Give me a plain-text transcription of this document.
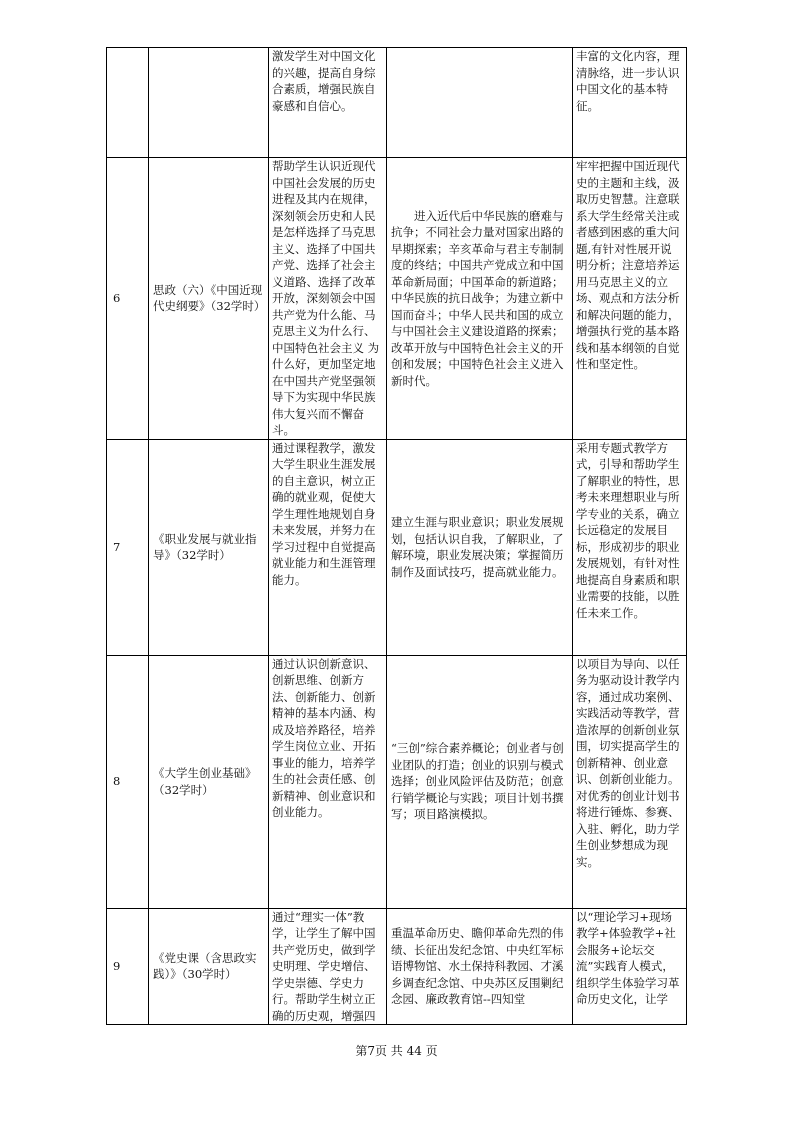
		激发学生对中国文化的兴趣，提高自身综合素质，增强民族自豪感和自信心。		丰富的文化内容，理清脉络，进一步认识中国文化的基本特征。
6	思政（六）《中国近现代史纲要》（32学时）	帮助学生认识近现代中国社会发展的历史进程及其内在规律，深刻领会历史和人民是怎样选择了马克思主义、选择了中国共产党、选择了社会主义道路、选择了改革开放，深刻领会中国共产党为什么能、马克思主义为什么行、中国特色社会主义 为什么好，更加坚定地在中国共产党坚强领导下为实现中华民族伟大复兴而不懈奋斗。	进入近代后中华民族的磨难与抗争；不同社会力量对国家出路的早期探索；辛亥革命与君主专制制度的终结；中国共产党成立和中国革命新局面；中国革命的新道路；中华民族的抗日战争；为建立新中国而奋斗；中华人民共和国的成立与中国社会主义建设道路的探索；改革开放与中国特色社会主义的开创和发展；中国特色社会主义进入新时代。	牢牢把握中国近现代史的主题和主线，汲取历史智慧。注意联系大学生经常关注或者感到困惑的重大问题,有针对性展开说明分析；注意培养运用马克思主义的立场、观点和方法分析和解决问题的能力，增强执行党的基本路线和基本纲领的自觉性和坚定性。
7	《职业发展与就业指导》（32学时）	通过课程教学，激发大学生职业生涯发展的自主意识，树立正确的就业观，促使大学生理性地规划自身未来发展，并努力在学习过程中自觉提高就业能力和生涯管理能力。	建立生涯与职业意识；职业发展规划，包括认识自我，了解职业，了解环境，职业发展决策；掌握简历制作及面试技巧，提高就业能力。	采用专题式教学方式，引导和帮助学生了解职业的特性，思考未来理想职业与所学专业的关系，确立长远稳定的发展目标，形成初步的职业发展规划，有针对性地提高自身素质和职业需要的技能，以胜任未来工作。
8	《大学生创业基础》（32学时）	通过认识创新意识、创新思维、创新方法、创新能力、创新精神的基本内涵、构成及培养路径，培养学生岗位立业、开拓事业的能力，培养学生的社会责任感、创新精神、创业意识和创业能力。	“三创”综合素养概论；创业者与创业团队的打造；创业的识别与模式选择；创业风险评估及防范；创意行销学概论与实践；项目计划书撰写；项目路演模拟。	以项目为导向、以任务为驱动设计教学内容，通过成功案例、实践活动等教学，营造浓厚的创新创业氛围，切实提高学生的创新精神、创业意识、创新创业能力。对优秀的创业计划书将进行锤炼、参赛、入驻、孵化，助力学生创业梦想成为现实。
9	《党史课（含思政实践）》（30学时）	通过“理实一体”教学，让学生了解中国共产党历史，做到学史明理、学史增信、学史崇德、学史力行。帮助学生树立正确的历史观，增强四	重温革命历史、瞻仰革命先烈的伟绩、长征出发纪念馆、中央红军标语博物馆、水土保持科教园、才溪乡调查纪念馆、中央苏区反围剿纪念园、廉政教育馆--四知堂	以“理论学习+现场教学+体验教学+社会服务+论坛交流”实践育人模式，组织学生体验学习革命历史文化，让学
第7页 共 44 页
